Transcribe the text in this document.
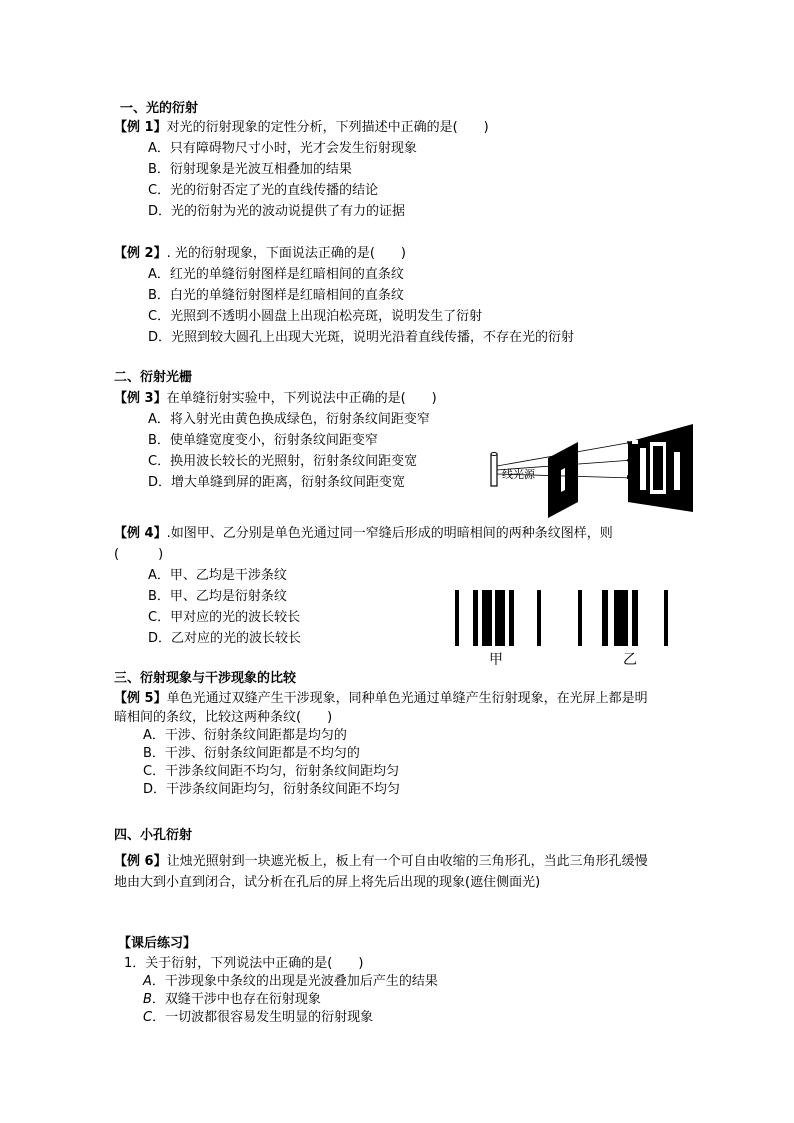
一、光的衍射
【例 1】对光的衍射现象的定性分析，下列描述中正确的是(　　)
A．只有障碍物尺寸小时，光才会发生衍射现象
B．衍射现象是光波互相叠加的结果
C．光的衍射否定了光的直线传播的结论
D．光的衍射为光的波动说提供了有力的证据
【例 2】. 光的衍射现象，下面说法正确的是(　　)
A．红光的单缝衍射图样是红暗相间的直条纹
B．白光的单缝衍射图样是红暗相间的直条纹
C．光照到不透明小圆盘上出现泊松亮斑，说明发生了衍射
D．光照到较大圆孔上出现大光斑，说明光沿着直线传播，不存在光的衍射
二、衍射光栅
【例 3】在单缝衍射实验中，下列说法中正确的是(　　)
A．将入射光由黄色换成绿色，衍射条纹间距变窄
B．使单缝宽度变小，衍射条纹间距变窄
C．换用波长较长的光照射，衍射条纹间距变宽
D．增大单缝到屏的距离，衍射条纹间距变宽
线光源
【例 4】.如图甲、乙分别是单色光通过同一窄缝后形成的明暗相间的两种条纹图样，则
(　　　)
A．甲、乙均是干涉条纹
B．甲、乙均是衍射条纹
C．甲对应的光的波长较长
D．乙对应的光的波长较长
甲	乙
三、衍射现象与干涉现象的比较
【例 5】单色光通过双缝产生干涉现象，同种单色光通过单缝产生衍射现象，在光屏上都是明
暗相间的条纹，比较这两种条纹(　　)
A．干涉、衍射条纹间距都是均匀的
B．干涉、衍射条纹间距都是不均匀的
C．干涉条纹间距不均匀，衍射条纹间距均匀
D．干涉条纹间距均匀，衍射条纹间距不均匀
四、小孔衍射
【例 6】让烛光照射到一块遮光板上，板上有一个可自由收缩的三角形孔，当此三角形孔缓慢
地由大到小直到闭合，试分析在孔后的屏上将先后出现的现象(遮住侧面光)
【课后练习】
1．关于衍射，下列说法中正确的是(　　)
A．干涉现象中条纹的出现是光波叠加后产生的结果
B．双缝干涉中也存在衍射现象
C．一切波都很容易发生明显的衍射现象
